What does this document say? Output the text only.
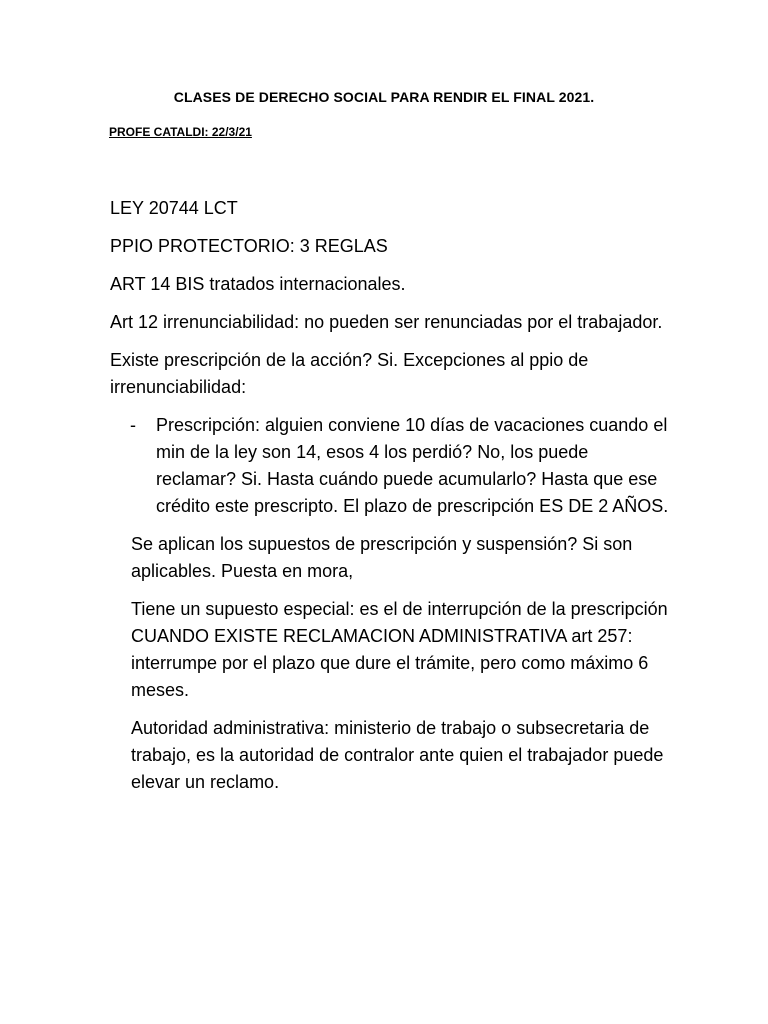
CLASES DE DERECHO SOCIAL PARA RENDIR EL FINAL 2021.
PROFE CATALDI: 22/3/21

LEY 20744 LCT

PPIO PROTECTORIO: 3 REGLAS

ART 14 BIS tratados internacionales.

Art 12 irrenunciabilidad: no pueden ser renunciadas por el trabajador.

Existe prescripción de la acción? Si. Excepciones al ppio de irrenunciabilidad:

- Prescripción: alguien conviene 10 días de vacaciones cuando el min de la ley son 14, esos 4 los perdió? No, los puede reclamar? Si. Hasta cuándo puede acumularlo? Hasta que ese crédito este prescripto. El plazo de prescripción ES DE 2 AÑOS.

Se aplican los supuestos de prescripción y suspensión? Si son aplicables. Puesta en mora,

Tiene un supuesto especial: es el de interrupción de la prescripción CUANDO EXISTE RECLAMACION ADMINISTRATIVA art 257: interrumpe por el plazo que dure el trámite, pero como máximo 6 meses.

Autoridad administrativa: ministerio de trabajo o subsecretaria de trabajo, es la autoridad de contralor ante quien el trabajador puede elevar un reclamo.
